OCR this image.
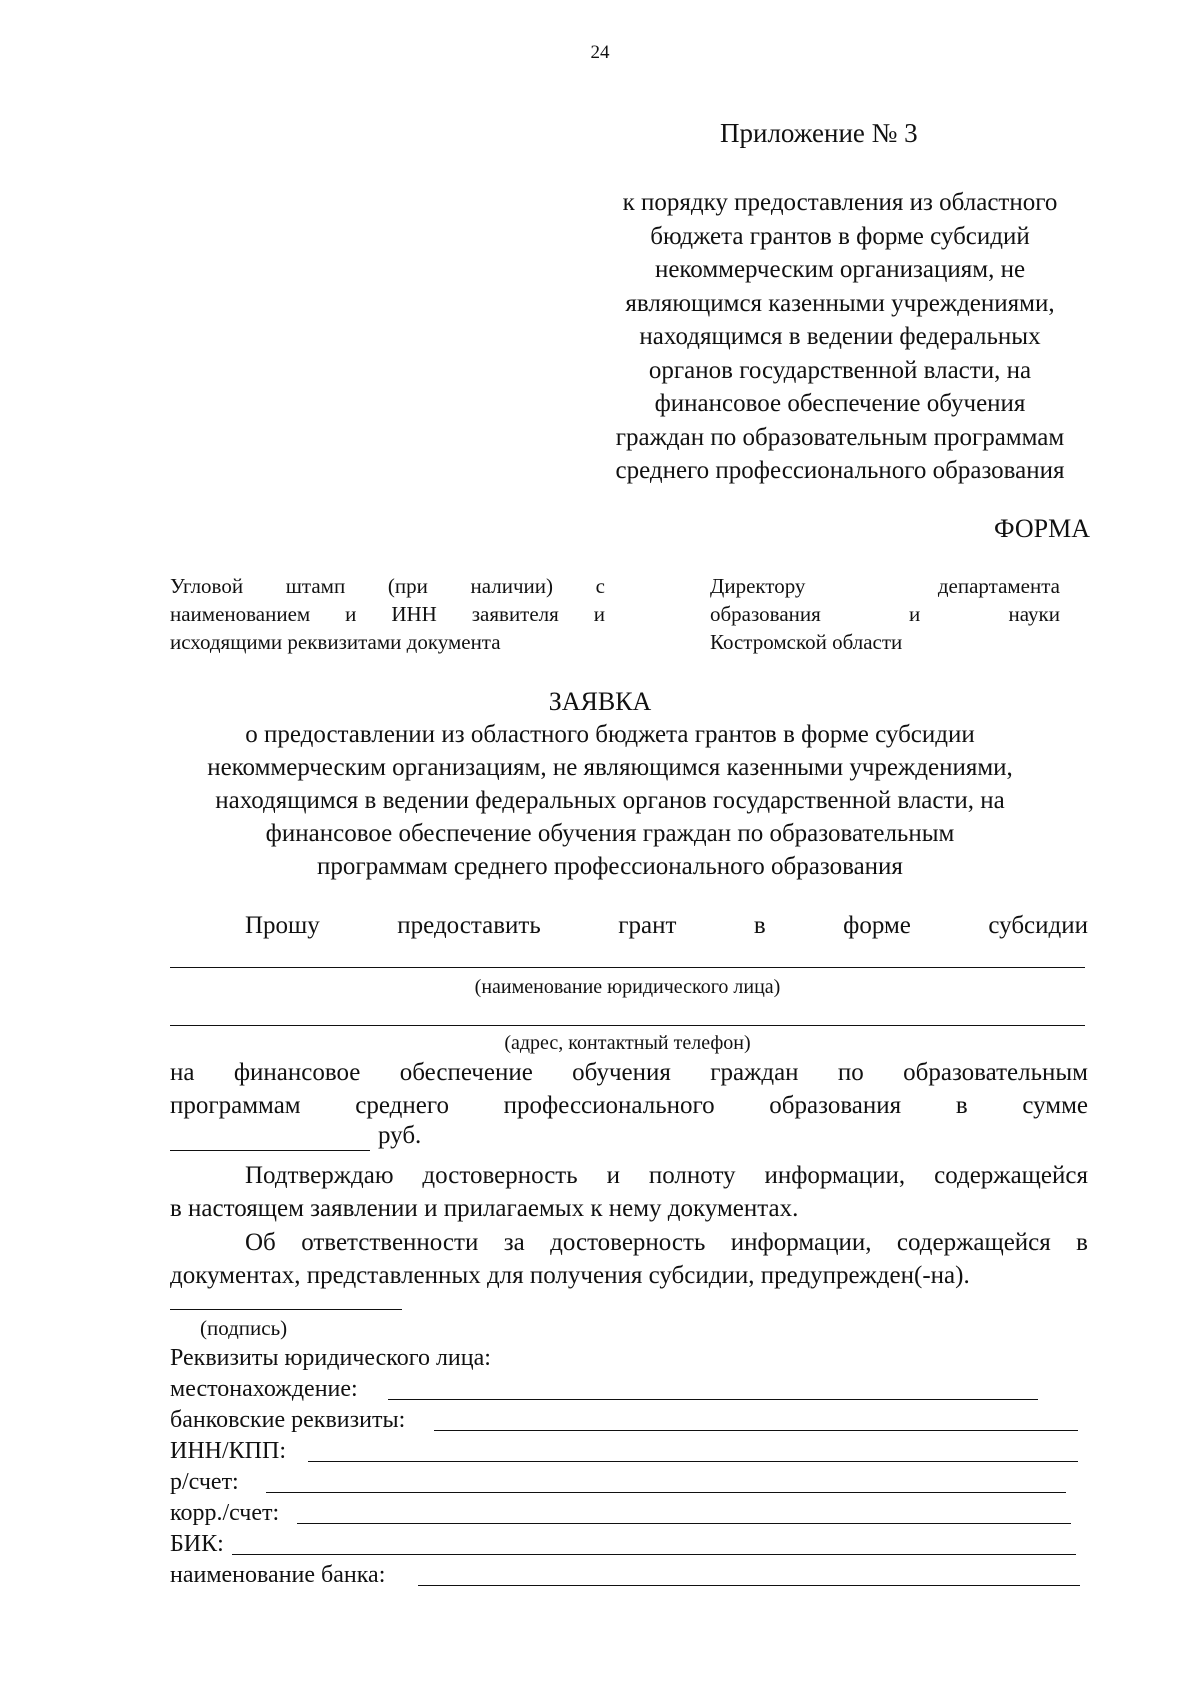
24
Приложение № 3
к порядку предоставления из областного
бюджета грантов в форме субсидий
некоммерческим организациям, не
являющимся казенными учреждениями,
находящимся в ведении федеральных
органов государственной власти, на
финансовое обеспечение обучения
граждан по образовательным программам
среднего профессионального образования
ФОРМА
Угловой штамп (при наличии) с
наименованием и ИНН заявителя и
исходящими реквизитами документа
Директору департамента
образования и науки
Костромской области
ЗАЯВКА
о предоставлении из областного бюджета грантов в форме субсидии
некоммерческим организациям, не являющимся казенными учреждениями,
находящимся в ведении федеральных органов государственной власти, на
финансовое обеспечение обучения граждан по образовательным
программам среднего профессионального образования
Прошу предоставить грант в форме субсидии
(наименование юридического лица)
(адрес, контактный телефон)
на финансовое обеспечение обучения граждан по образовательным
программам среднего профессионального образования в сумме
руб.
Подтверждаю достоверность и полноту информации, содержащейся
в настоящем заявлении и прилагаемых к нему документах.
Об ответственности за достоверность информации, содержащейся в
документах, представленных для получения субсидии, предупрежден(-на).
(подпись)
Реквизиты юридического лица:
местонахождение:
банковские реквизиты:
ИНН/КПП:
р/счет:
корр./счет:
БИК:
наименование банка:
